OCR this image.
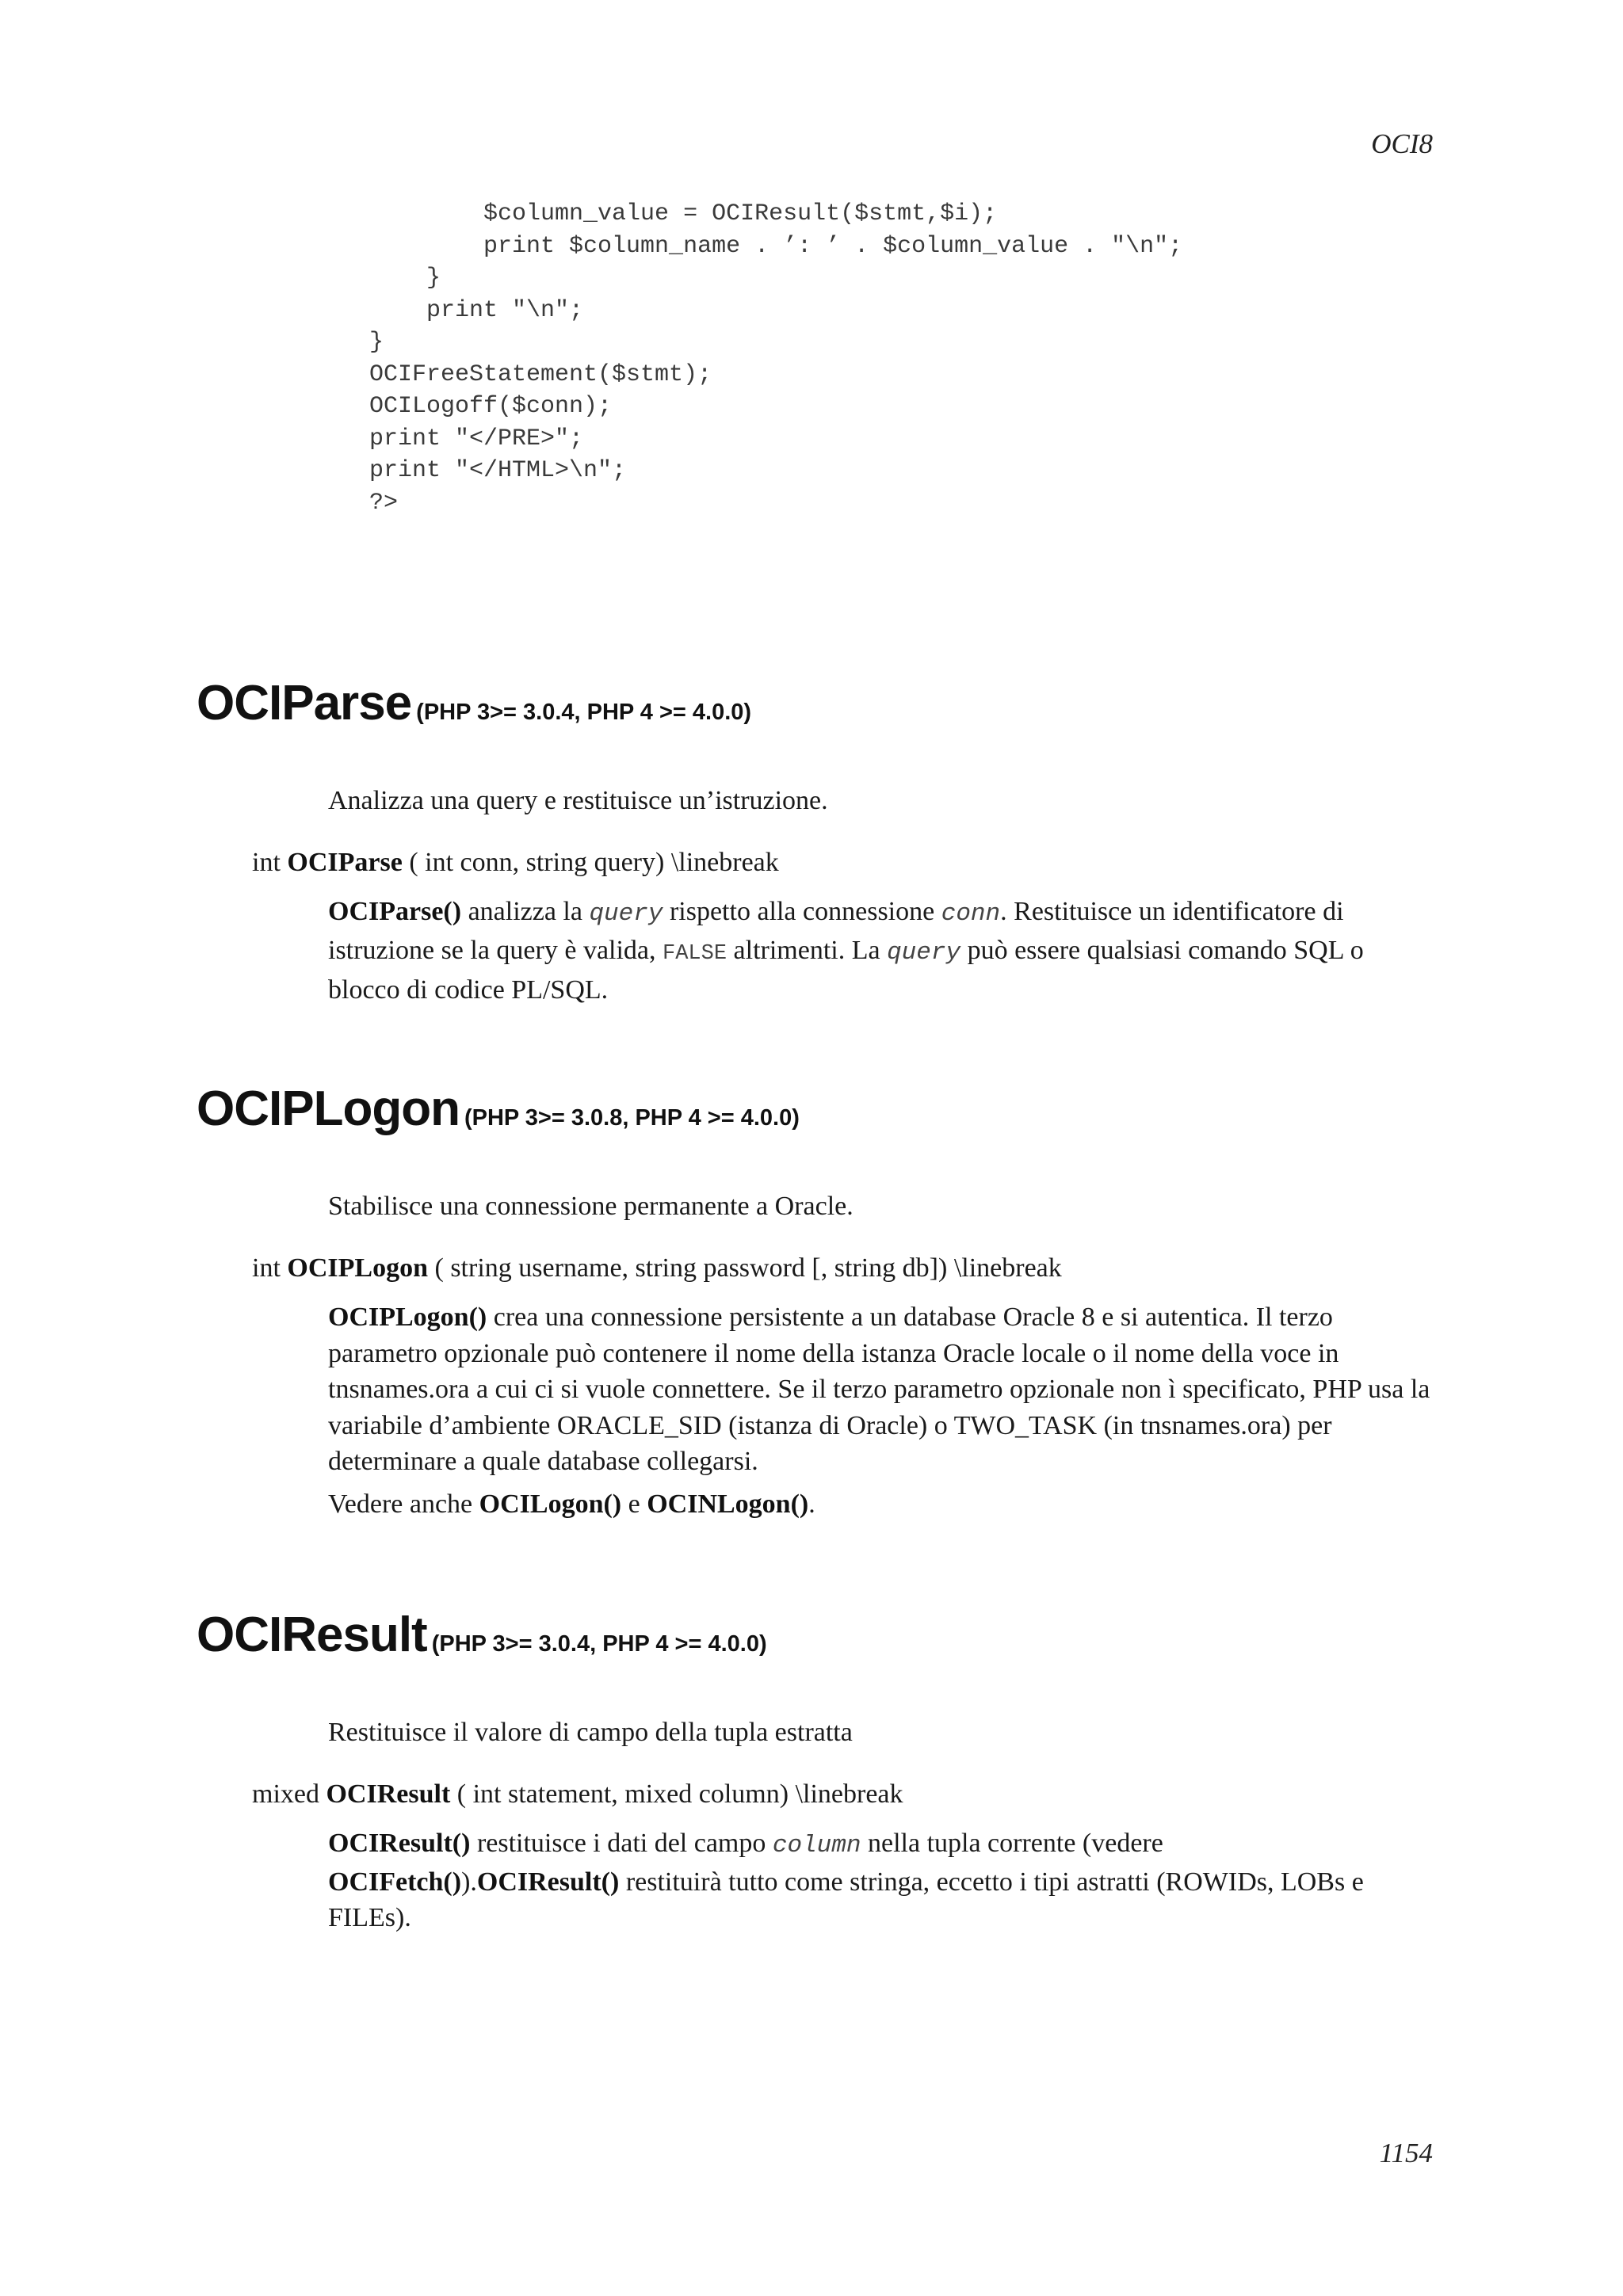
OCI8
$column_value = OCIResult($stmt,$i);
print $column_name . ’: ’ . $column_value . "\n";
}
print "\n";
}
OCIFreeStatement($stmt);
OCILogoff($conn);
print "</PRE>";
print "</HTML>\n";
?>
OCIParse (PHP 3>= 3.0.4, PHP 4 >= 4.0.0)

Analizza una query e restituisce un’istruzione.

int OCIParse ( int conn, string query) \linebreak

OCIParse() analizza la query rispetto alla connessione conn. Restituisce un identificatore di istruzione se la query è valida, FALSE altrimenti. La query può essere qualsiasi comando SQL o blocco di codice PL/SQL.

OCIPLogon (PHP 3>= 3.0.8, PHP 4 >= 4.0.0)

Stabilisce una connessione permanente a Oracle.

int OCIPLogon ( string username, string password [, string db]) \linebreak

OCIPLogon() crea una connessione persistente a un database Oracle 8 e si autentica. Il terzo parametro opzionale può contenere il nome della istanza Oracle locale o il nome della voce in tnsnames.ora a cui ci si vuole connettere. Se il terzo parametro opzionale non ì specificato, PHP usa la variabile d’ambiente ORACLE_SID (istanza di Oracle) o TWO_TASK (in tnsnames.ora) per determinare a quale database collegarsi.

Vedere anche OCILogon() e OCINLogon().

OCIResult (PHP 3>= 3.0.4, PHP 4 >= 4.0.0)

Restituisce il valore di campo della tupla estratta

mixed OCIResult ( int statement, mixed column) \linebreak

OCIResult() restituisce i dati del campo column nella tupla corrente (vedere OCIFetch()).OCIResult() restituirà tutto come stringa, eccetto i tipi astratti (ROWIDs, LOBs e FILEs).

1154
